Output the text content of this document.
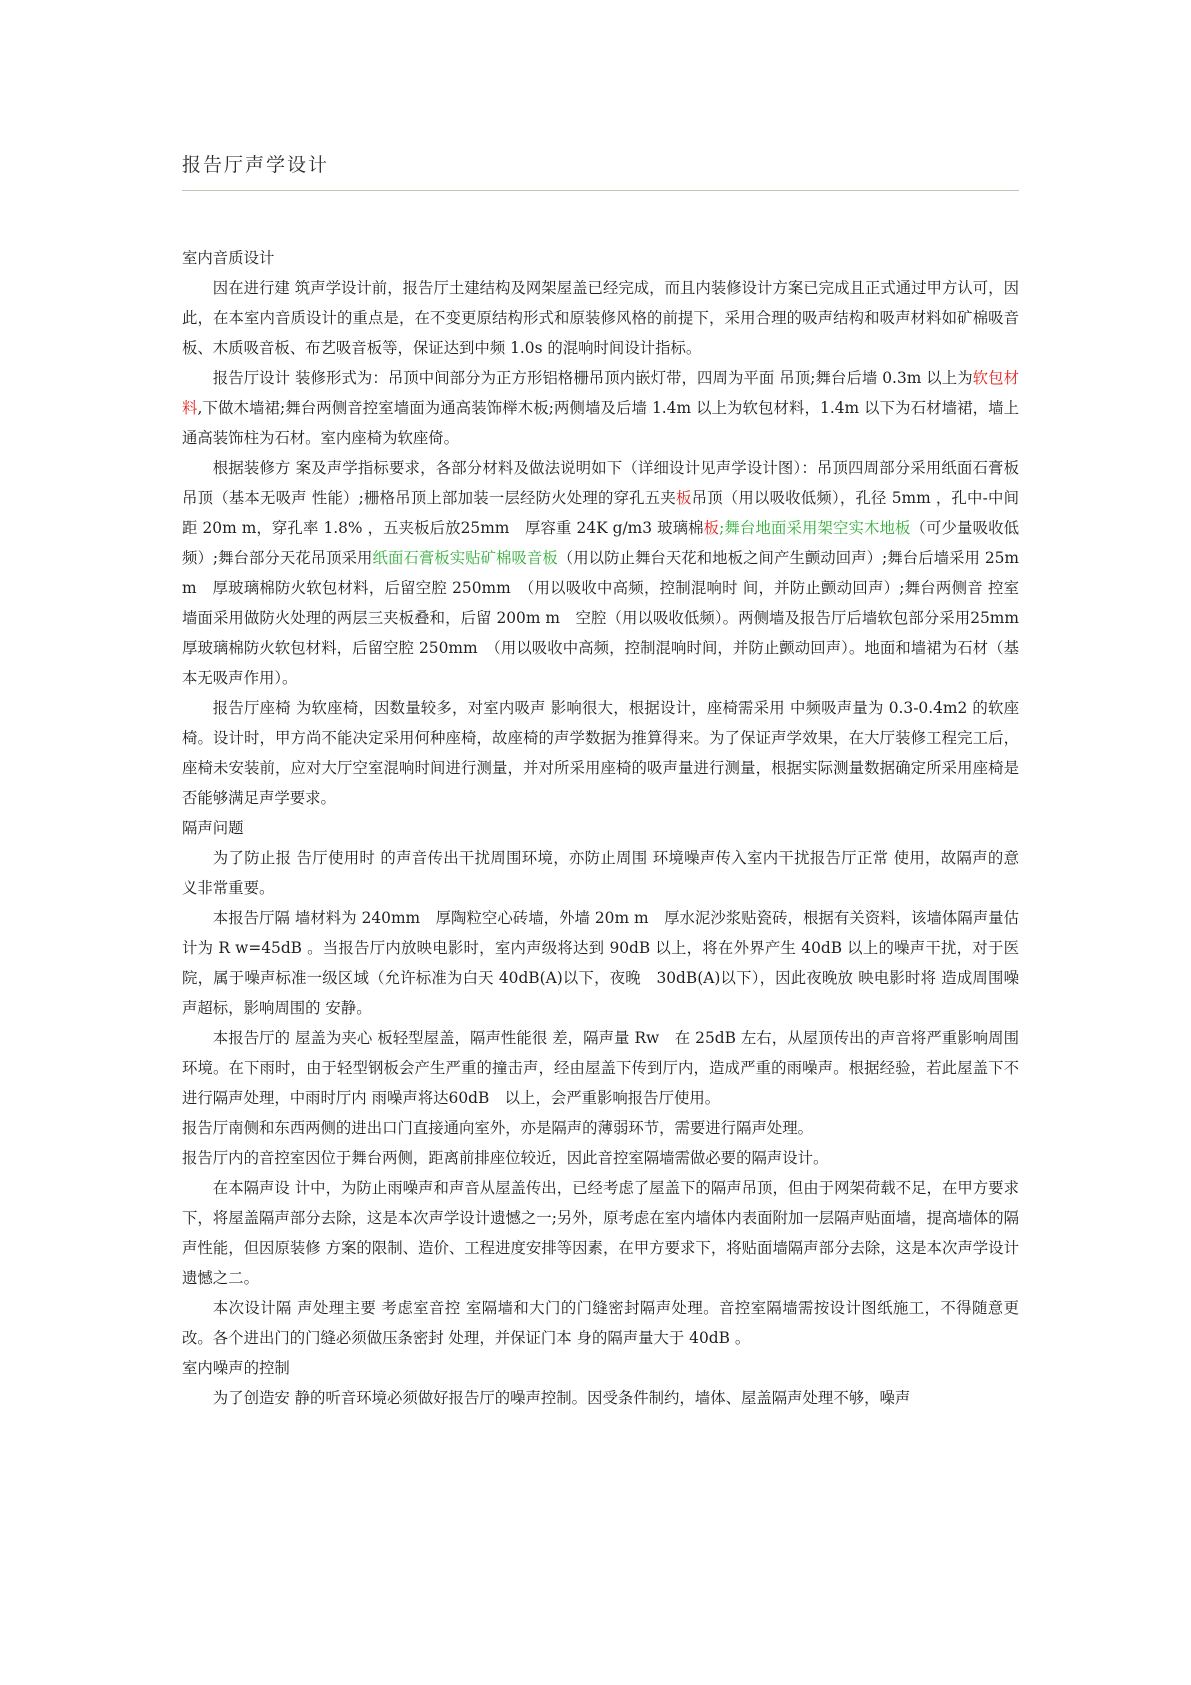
报告厅声学设计

室内音质设计

因在进行建 筑声学设计前，报告厅土建结构及网架屋盖已经完成，而且内装修设计方案已完成且正式通过甲方认可，因此，在本室内音质设计的重点是，在不变更原结构形式和原装修风格的前提下，采用合理的吸声结构和吸声材料如矿棉吸音板、木质吸音板、布艺吸音板等，保证达到中频 1.0s 的混响时间设计指标。

报告厅设计 装修形式为：吊顶中间部分为正方形铝格栅吊顶内嵌灯带，四周为平面 吊顶;舞台后墙 0.3m 以上为软包材料,下做木墙裙;舞台两侧音控室墙面为通高装饰榉木板;两侧墙及后墙 1.4m 以上为软包材料，1.4m 以下为石材墙裙，墙上通高装饰柱为石材。室内座椅为软座倚。

根据装修方 案及声学指标要求，各部分材料及做法说明如下（详细设计见声学设计图）：吊顶四周部分采用纸面石膏板吊顶（基本无吸声 性能）;栅格吊顶上部加装一层经防火处理的穿孔五夹板吊顶（用以吸收低频），孔径 5mm ，孔中-中间距 20m m，穿孔率 1.8% ，五夹板后放25mm　厚容重 24K g/m3 玻璃棉板;舞台地面采用架空实木地板（可少量吸收低频）;舞台部分天花吊顶采用纸面石膏板实贴矿棉吸音板（用以防止舞台天花和地板之间产生颤动回声）;舞台后墙采用 25mm　厚玻璃棉防火软包材料，后留空腔 250mm　（用以吸收中高频，控制混响时 间，并防止颤动回声）;舞台两侧音 控室墙面采用做防火处理的两层三夹板叠和，后留 200m m　空腔（用以吸收低频）。两侧墙及报告厅后墙软包部分采用25mm　厚玻璃棉防火软包材料，后留空腔 250mm　（用以吸收中高频，控制混响时间，并防止颤动回声）。地面和墙裙为石材（基本无吸声作用）。

报告厅座椅 为软座椅，因数量较多，对室内吸声 影响很大，根据设计，座椅需采用 中频吸声量为 0.3-0.4m2 的软座椅。设计时，甲方尚不能决定采用何种座椅，故座椅的声学数据为推算得来。为了保证声学效果，在大厅装修工程完工后，座椅未安装前，应对大厅空室混响时间进行测量，并对所采用座椅的吸声量进行测量，根据实际测量数据确定所采用座椅是否能够满足声学要求。

隔声问题

为了防止报 告厅使用时 的声音传出干扰周围环境，亦防止周围 环境噪声传入室内干扰报告厅正常 使用，故隔声的意 义非常重要。

本报告厅隔 墙材料为 240mm　厚陶粒空心砖墙，外墙 20m m　厚水泥沙浆贴瓷砖，根据有关资料，该墙体隔声量估计为 R w=45dB 。当报告厅内放映电影时，室内声级将达到 90dB 以上，将在外界产生 40dB 以上的噪声干扰，对于医院，属于噪声标准一级区域（允许标准为白天 40dB(A)以下，夜晚　30dB(A)以下），因此夜晚放 映电影时将 造成周围噪 声超标，影响周围的 安静。

本报告厅的 屋盖为夹心 板轻型屋盖，隔声性能很 差，隔声量 Rw　在 25dB 左右，从屋顶传出的声音将严重影响周围环境。在下雨时，由于轻型钢板会产生严重的撞击声，经由屋盖下传到厅内，造成严重的雨噪声。根据经验，若此屋盖下不进行隔声处理，中雨时厅内 雨噪声将达60dB　以上，会严重影响报告厅使用。

报告厅南侧和东西两侧的进出口门直接通向室外，亦是隔声的薄弱环节，需要进行隔声处理。

报告厅内的音控室因位于舞台两侧，距离前排座位较近，因此音控室隔墙需做必要的隔声设计。

在本隔声设 计中，为防止雨噪声和声音从屋盖传出，已经考虑了屋盖下的隔声吊顶，但由于网架荷载不足，在甲方要求下，将屋盖隔声部分去除，这是本次声学设计遗憾之一;另外，原考虑在室内墙体内表面附加一层隔声贴面墙，提高墙体的隔声性能，但因原装修 方案的限制、造价、工程进度安排等因素，在甲方要求下，将贴面墙隔声部分去除，这是本次声学设计遗憾之二。

本次设计隔 声处理主要 考虑室音控 室隔墙和大门的门缝密封隔声处理。音控室隔墙需按设计图纸施工，不得随意更改。各个进出门的门缝必须做压条密封 处理，并保证门本 身的隔声量大于 40dB 。

室内噪声的控制

为了创造安 静的听音环境必须做好报告厅的噪声控制。因受条件制约，墙体、屋盖隔声处理不够，噪声
